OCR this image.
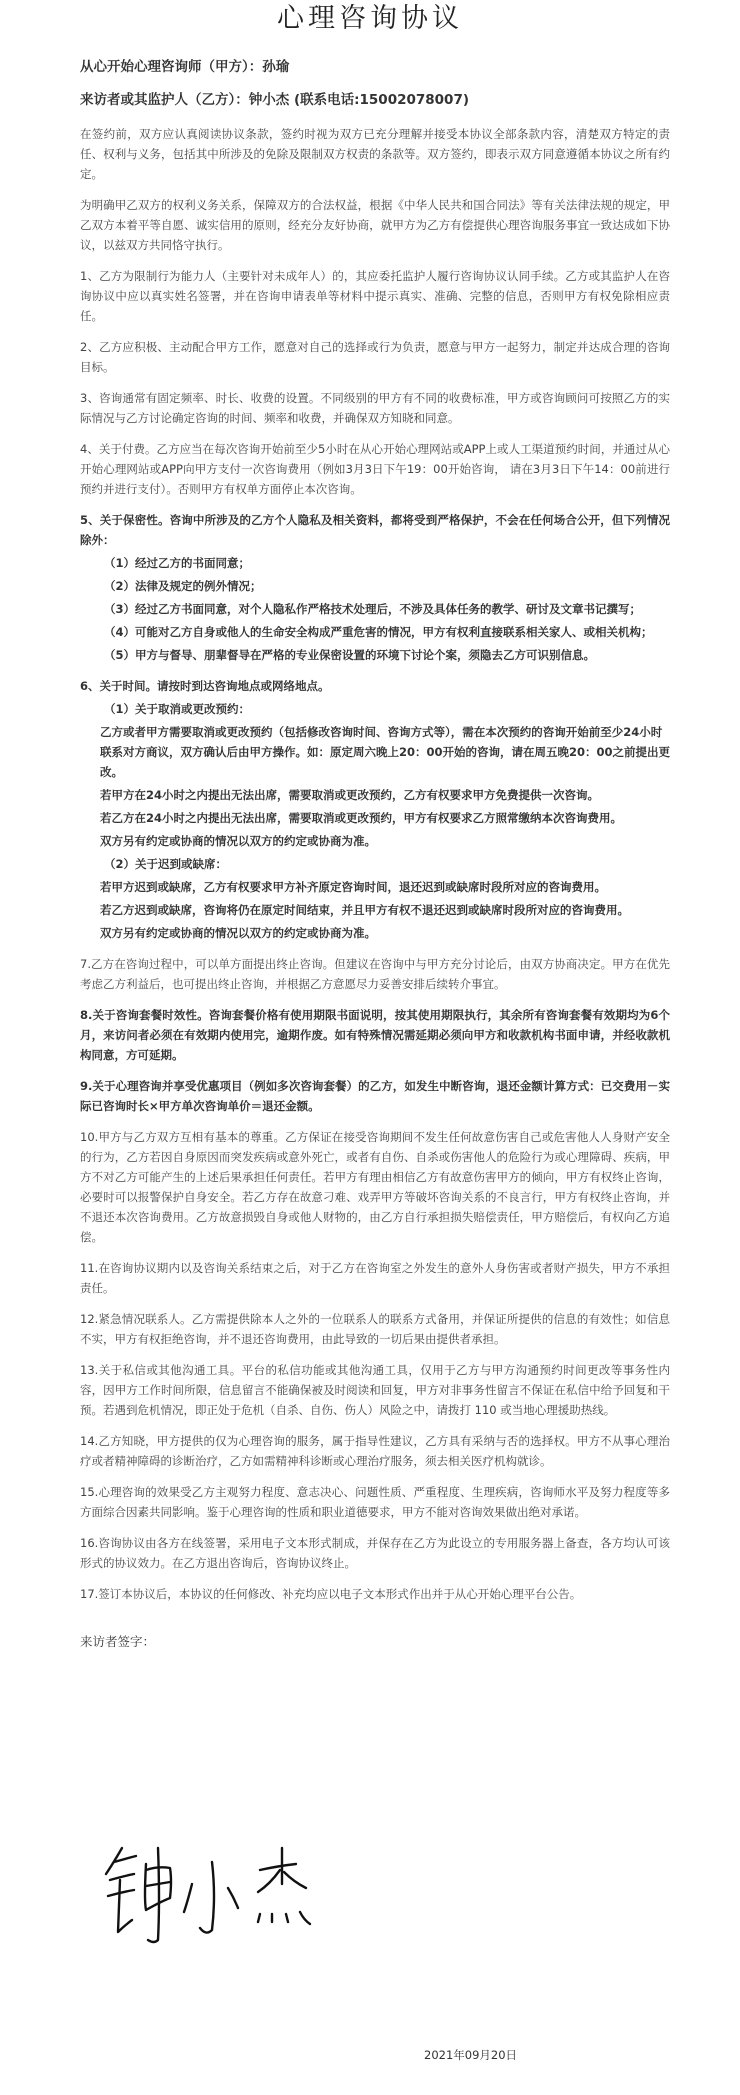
心理咨询协议

从心开始心理咨询师（甲方）：孙瑜

来访者或其监护人（乙方）：钟小杰 (联系电话:15002078007)

在签约前，双方应认真阅读协议条款，签约时视为双方已充分理解并接受本协议全部条款内容，清楚双方特定的责任、权利与义务，包括其中所涉及的免除及限制双方权责的条款等。双方签约，即表示双方同意遵循本协议之所有约定。

为明确甲乙双方的权利义务关系，保障双方的合法权益，根据《中华人民共和国合同法》等有关法律法规的规定，甲乙双方本着平等自愿、诚实信用的原则，经充分友好协商，就甲方为乙方有偿提供心理咨询服务事宜一致达成如下协议，以兹双方共同恪守执行。

1、乙方为限制行为能力人（主要针对未成年人）的，其应委托监护人履行咨询协议认同手续。乙方或其监护人在咨询协议中应以真实姓名签署，并在咨询申请表单等材料中提示真实、准确、完整的信息，否则甲方有权免除相应责任。

2、乙方应积极、主动配合甲方工作，愿意对自己的选择或行为负责，愿意与甲方一起努力，制定并达成合理的咨询目标。

3、咨询通常有固定频率、时长、收费的设置。不同级别的甲方有不同的收费标准，甲方或咨询顾问可按照乙方的实际情况与乙方讨论确定咨询的时间、频率和收费，并确保双方知晓和同意。

4、关于付费。乙方应当在每次咨询开始前至少5小时在从心开始心理网站或APP上或人工渠道预约时间，并通过从心开始心理网站或APP向甲方支付一次咨询费用（例如3月3日下午19：00开始咨询， 请在3月3日下午14：00前进行预约并进行支付）。否则甲方有权单方面停止本次咨询。

5、关于保密性。咨询中所涉及的乙方个人隐私及相关资料，都将受到严格保护，不会在任何场合公开，但下列情况除外：

（1）经过乙方的书面同意；

（2）法律及规定的例外情况；

（3）经过乙方书面同意，对个人隐私作严格技术处理后，不涉及具体任务的教学、研讨及文章书记撰写；

（4）可能对乙方自身或他人的生命安全构成严重危害的情况，甲方有权利直接联系相关家人、或相关机构；

（5）甲方与督导、朋辈督导在严格的专业保密设置的环境下讨论个案，须隐去乙方可识别信息。

6、关于时间。请按时到达咨询地点或网络地点。

（1）关于取消或更改预约：

乙方或者甲方需要取消或更改预约（包括修改咨询时间、咨询方式等），需在本次预约的咨询开始前至少24小时联系对方商议，双方确认后由甲方操作。如：原定周六晚上20：00开始的咨询，请在周五晚20：00之前提出更改。

若甲方在24小时之内提出无法出席，需要取消或更改预约，乙方有权要求甲方免费提供一次咨询。

若乙方在24小时之内提出无法出席，需要取消或更改预约，甲方有权要求乙方照常缴纳本次咨询费用。

双方另有约定或协商的情况以双方的约定或协商为准。

（2）关于迟到或缺席：

若甲方迟到或缺席，乙方有权要求甲方补齐原定咨询时间，退还迟到或缺席时段所对应的咨询费用。

若乙方迟到或缺席，咨询将仍在原定时间结束，并且甲方有权不退还迟到或缺席时段所对应的咨询费用。

双方另有约定或协商的情况以双方的约定或协商为准。

7.乙方在咨询过程中，可以单方面提出终止咨询。但建议在咨询中与甲方充分讨论后，由双方协商决定。甲方在优先考虑乙方利益后，也可提出终止咨询，并根据乙方意愿尽力妥善安排后续转介事宜。

8.关于咨询套餐时效性。咨询套餐价格有使用期限书面说明，按其使用期限执行，其余所有咨询套餐有效期均为6个月，来访问者必须在有效期内使用完，逾期作废。如有特殊情况需延期必须向甲方和收款机构书面申请，并经收款机构同意，方可延期。

9.关于心理咨询并享受优惠项目（例如多次咨询套餐）的乙方，如发生中断咨询，退还金额计算方式：已交费用－实际已咨询时长×甲方单次咨询单价＝退还金额。

10.甲方与乙方双方互相有基本的尊重。乙方保证在接受咨询期间不发生任何故意伤害自己或危害他人人身财产安全的行为，乙方若因自身原因而突发疾病或意外死亡，或者有自伤、自杀或伤害他人的危险行为或心理障碍、疾病，甲方不对乙方可能产生的上述后果承担任何责任。若甲方有理由相信乙方有故意伤害甲方的倾向，甲方有权终止咨询，必要时可以报警保护自身安全。若乙方存在故意刁难、戏弄甲方等破坏咨询关系的不良言行，甲方有权终止咨询，并不退还本次咨询费用。乙方故意损毁自身或他人财物的，由乙方自行承担损失赔偿责任，甲方赔偿后，有权向乙方追偿。

11.在咨询协议期内以及咨询关系结束之后，对于乙方在咨询室之外发生的意外人身伤害或者财产损失，甲方不承担责任。

12.紧急情况联系人。乙方需提供除本人之外的一位联系人的联系方式备用，并保证所提供的信息的有效性；如信息不实，甲方有权拒绝咨询，并不退还咨询费用，由此导致的一切后果由提供者承担。

13.关于私信或其他沟通工具。平台的私信功能或其他沟通工具，仅用于乙方与甲方沟通预约时间更改等事务性内容，因甲方工作时间所限，信息留言不能确保被及时阅读和回复，甲方对非事务性留言不保证在私信中给予回复和干预。若遇到危机情况，即正处于危机（自杀、自伤、伤人）风险之中，请拨打 110 或当地心理援助热线。

14.乙方知晓，甲方提供的仅为心理咨询的服务，属于指导性建议，乙方具有采纳与否的选择权。甲方不从事心理治疗或者精神障碍的诊断治疗，乙方如需精神科诊断或心理治疗服务，须去相关医疗机构就诊。

15.心理咨询的效果受乙方主观努力程度、意志决心、问题性质、严重程度、生理疾病，咨询师水平及努力程度等多方面综合因素共同影响。鉴于心理咨询的性质和职业道德要求，甲方不能对咨询效果做出绝对承诺。

16.咨询协议由各方在线签署，采用电子文本形式制成，并保存在乙方为此设立的专用服务器上备查，各方均认可该形式的协议效力。在乙方退出咨询后，咨询协议终止。

17.签订本协议后，本协议的任何修改、补充均应以电子文本形式作出并于从心开始心理平台公告。

来访者签字：

2021年09月20日
